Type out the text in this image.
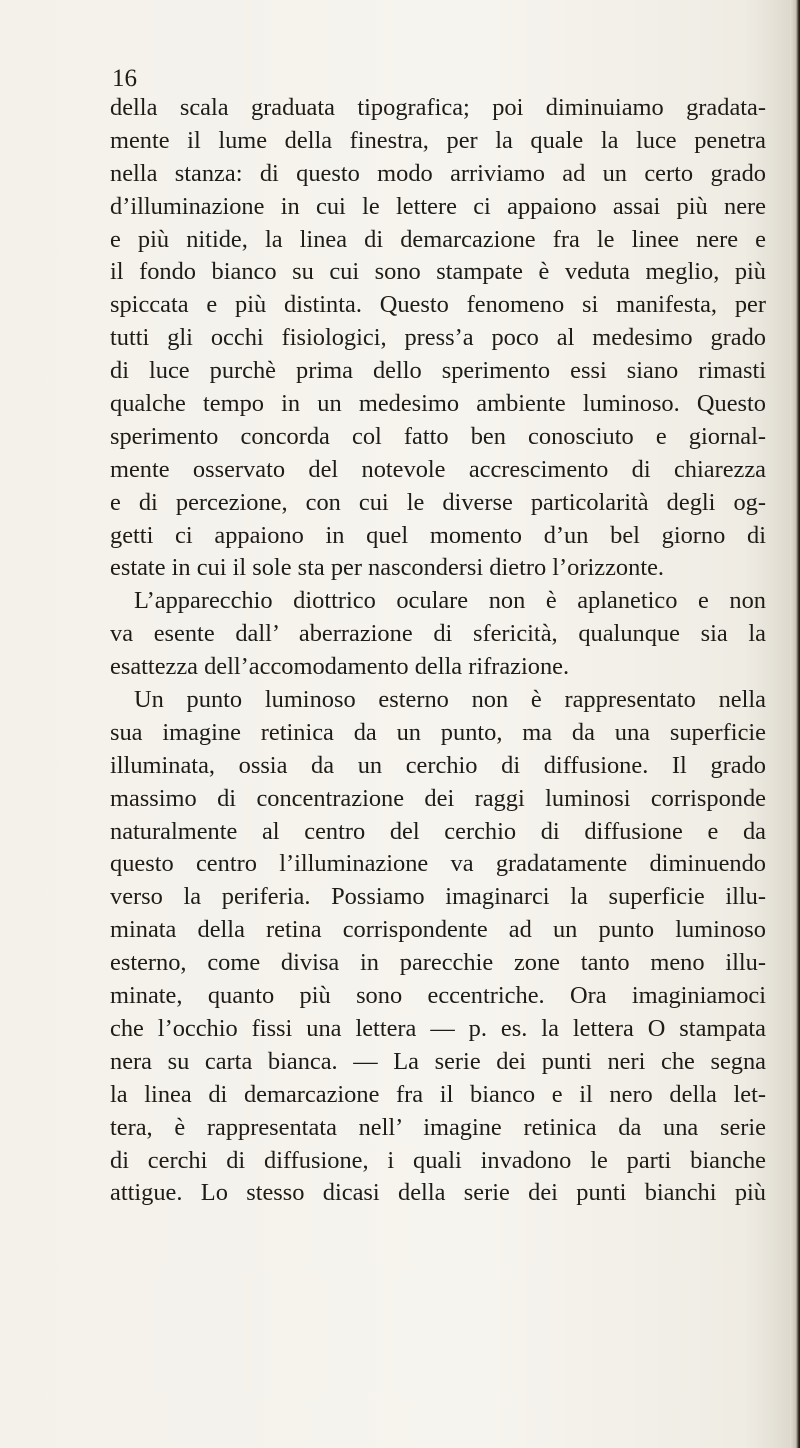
16
della scala graduata tipografica; poi diminuiamo gradata-
mente il lume della finestra, per la quale la luce penetra
nella stanza: di questo modo arriviamo ad un certo grado
d’illuminazione in cui le lettere ci appaiono assai più nere
e più nitide, la linea di demarcazione fra le linee nere e
il fondo bianco su cui sono stampate è veduta meglio, più
spiccata e più distinta. Questo fenomeno si manifesta, per
tutti gli occhi fisiologici, press’a poco al medesimo grado
di luce purchè prima dello sperimento essi siano rimasti
qualche tempo in un medesimo ambiente luminoso. Questo
sperimento concorda col fatto ben conosciuto e giornal-
mente osservato del notevole accrescimento di chiarezza
e di percezione, con cui le diverse particolarità degli og-
getti ci appaiono in quel momento d’un bel giorno di
estate in cui il sole sta per nascondersi dietro l’orizzonte.
L’apparecchio diottrico oculare non è aplanetico e non
va esente dall’ aberrazione di sfericità, qualunque sia la
esattezza dell’accomodamento della rifrazione.
Un punto luminoso esterno non è rappresentato nella
sua imagine retinica da un punto, ma da una superficie
illuminata, ossia da un cerchio di diffusione. Il grado
massimo di concentrazione dei raggi luminosi corrisponde
naturalmente al centro del cerchio di diffusione e da
questo centro l’illuminazione va gradatamente diminuendo
verso la periferia. Possiamo imaginarci la superficie illu-
minata della retina corrispondente ad un punto luminoso
esterno, come divisa in parecchie zone tanto meno illu-
minate, quanto più sono eccentriche. Ora imaginiamoci
che l’occhio fissi una lettera — p. es. la lettera O stampata
nera su carta bianca. — La serie dei punti neri che segna
la linea di demarcazione fra il bianco e il nero della let-
tera, è rappresentata nell’ imagine retinica da una serie
di cerchi di diffusione, i quali invadono le parti bianche
attigue. Lo stesso dicasi della serie dei punti bianchi più
